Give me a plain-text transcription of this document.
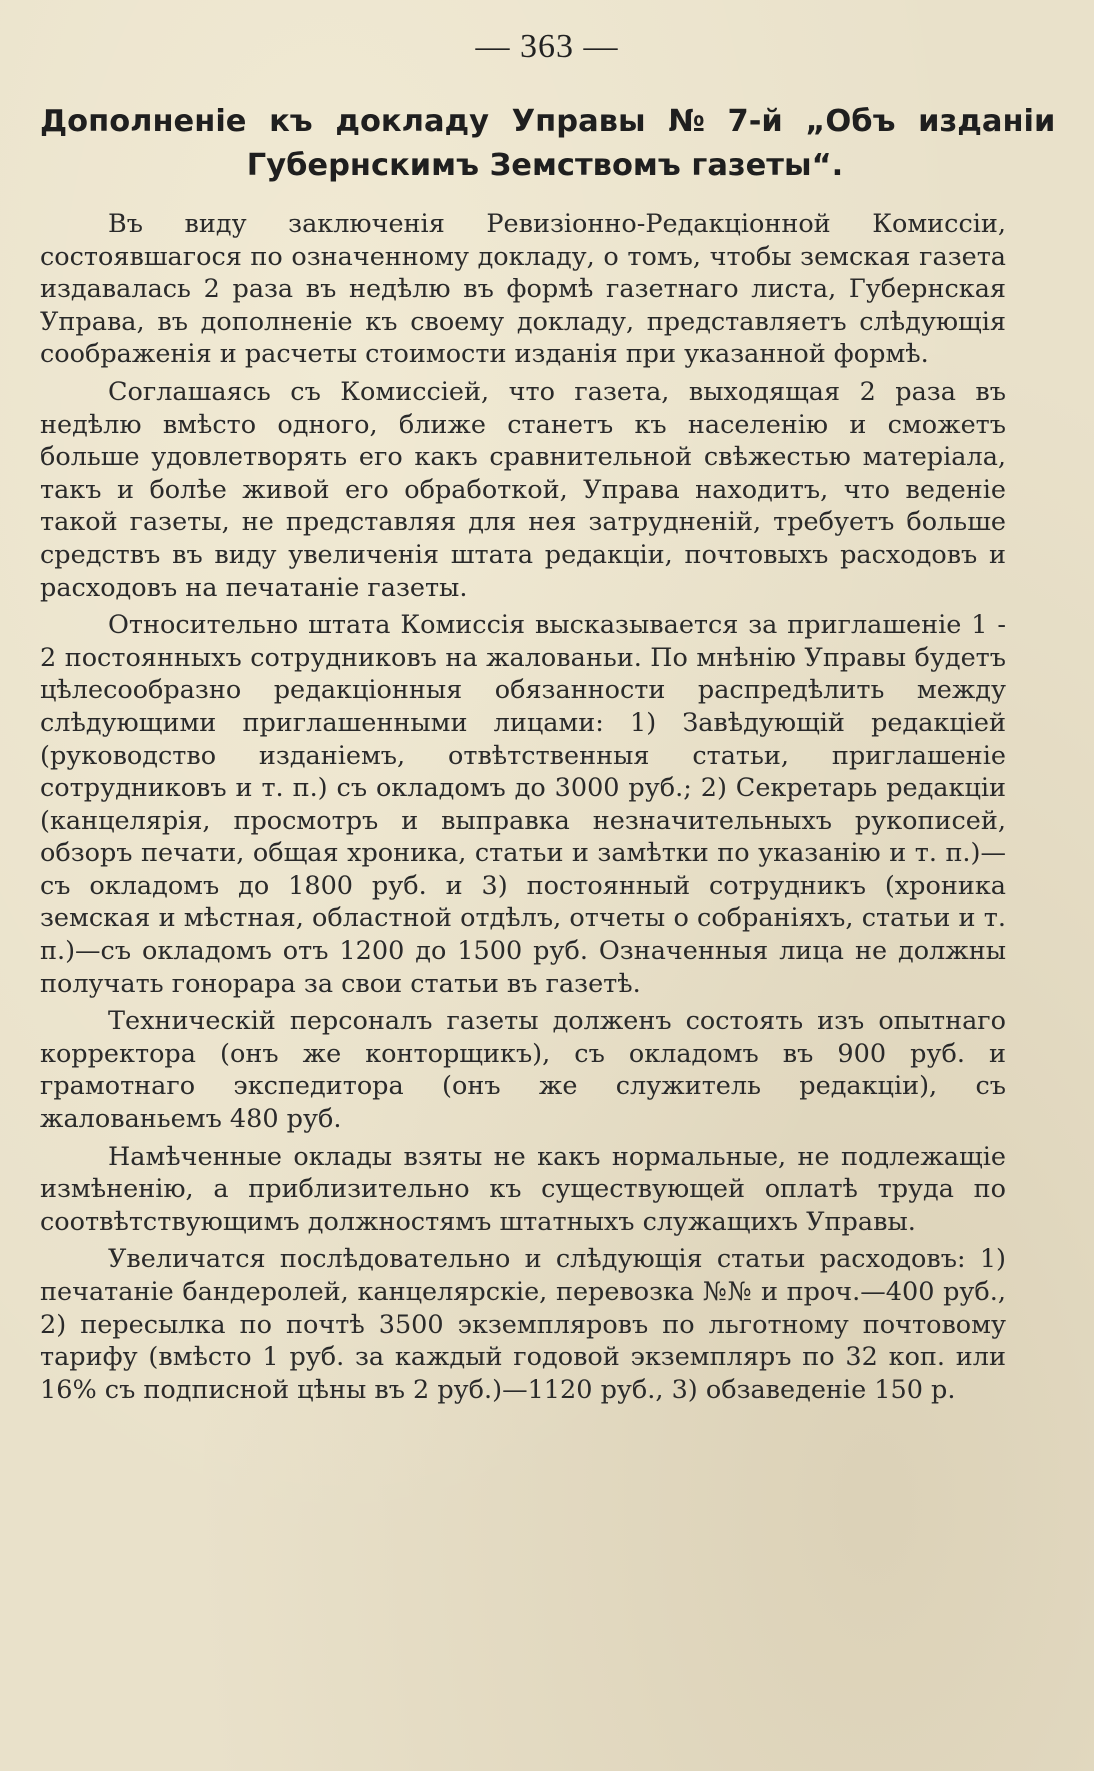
— 363 —
Дополненіе къ докладу Управы № 7-й „Объ изданіи
Губернскимъ Земствомъ газеты“.

Въ виду заключенія Ревизіонно-Редакціонной Комиссіи, состоявшагося по означенному докладу, о томъ, чтобы земская газета издавалась 2 раза въ недѣлю въ формѣ газетнаго листа, Губернская Управа, въ дополненіе къ своему докладу, представляетъ слѣдующія соображенія и расчеты стоимости изданія при указанной формѣ.

Соглашаясь съ Комиссіей, что газета, выходящая 2 раза въ недѣлю вмѣсто одного, ближе станетъ къ населенію и сможетъ больше удовлетворять его какъ сравнительной свѣжестью матеріала, такъ и болѣе живой его обработкой, Управа находитъ, что веденіе такой газеты, не представляя для нея затрудненій, требуетъ больше средствъ въ виду увеличенія штата редакціи, почтовыхъ расходовъ и расходовъ на печатаніе газеты.

Относительно штата Комиссія высказывается за приглашеніе 1 - 2 постоянныхъ сотрудниковъ на жалованьи. По мнѣнію Управы будетъ цѣлесообразно редакціонныя обязанности распредѣлить между слѣдующими приглашенными лицами: 1) Завѣдующій редакціей (руководство изданіемъ, отвѣтственныя статьи, приглашеніе сотрудниковъ и т. п.) съ окладомъ до 3000 руб.; 2) Секретарь редакціи (канцелярія, просмотръ и выправка незначительныхъ рукописей, обзоръ печати, общая хроника, статьи и замѣтки по указанію и т. п.)—съ окладомъ до 1800 руб. и 3) постоянный сотрудникъ (хроника земская и мѣстная, областной отдѣлъ, отчеты о собраніяхъ, статьи и т. п.)—съ окладомъ отъ 1200 до 1500 руб. Означенныя лица не должны получать гонорара за свои статьи въ газетѣ.

Техническій персоналъ газеты долженъ состоять изъ опытнаго корректора (онъ же конторщикъ), съ окладомъ въ 900 руб. и грамотнаго экспедитора (онъ же служитель редакціи), съ жалованьемъ 480 руб.

Намѣченные оклады взяты не какъ нормальные, не подлежащіе измѣненію, а приблизительно къ существующей оплатѣ труда по соотвѣтствующимъ должностямъ штатныхъ служащихъ Управы.

Увеличатся послѣдовательно и слѣдующія статьи расходовъ: 1) печатаніе бандеролей, канцелярскіе, перевозка №№ и проч.—400 руб., 2) пересылка по почтѣ 3500 экземпляровъ по льготному почтовому тарифу (вмѣсто 1 руб. за каждый годовой экземпляръ по 32 коп. или 16% съ подписной цѣны въ 2 руб.)—1120 руб., 3) обзаведеніе 150 р.
